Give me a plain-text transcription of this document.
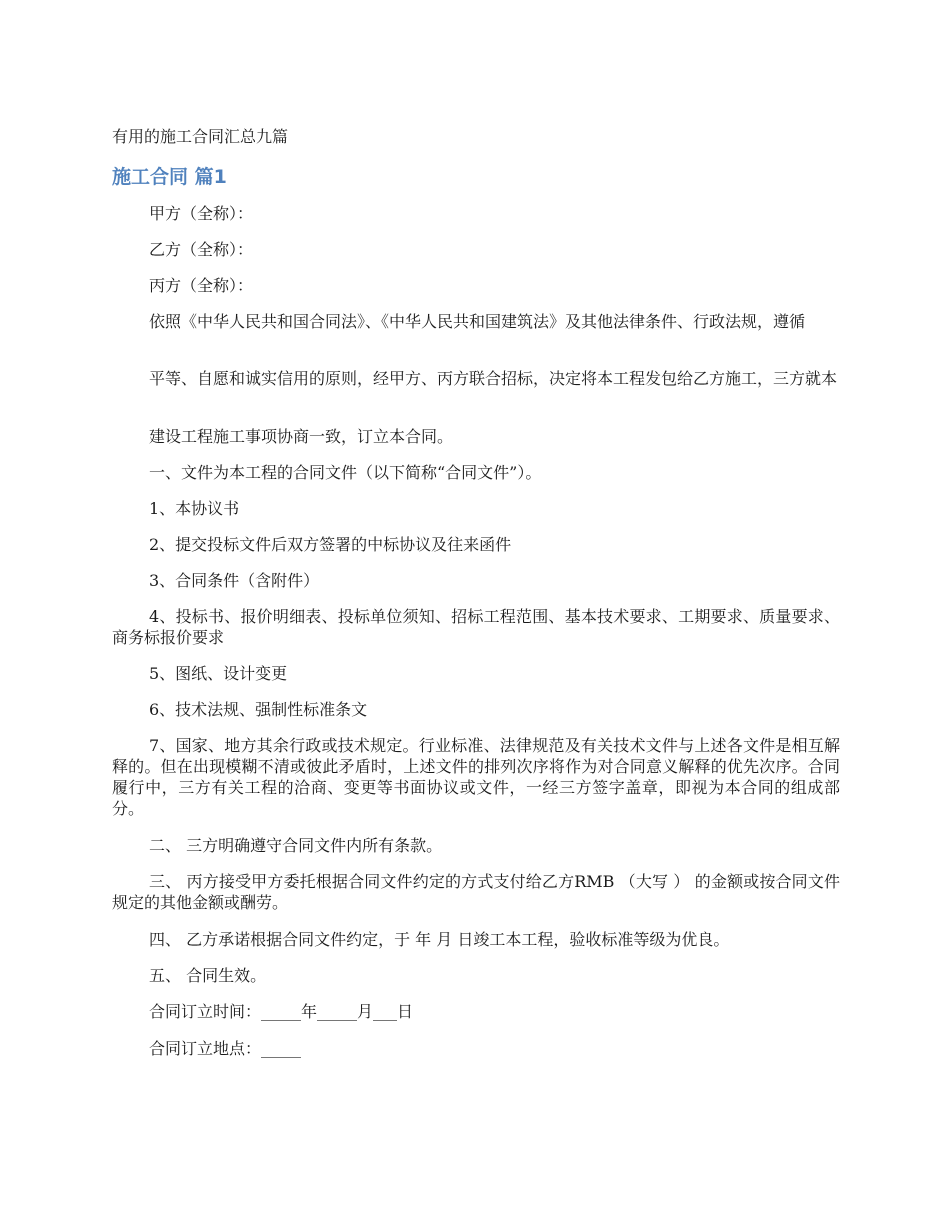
有用的施工合同汇总九篇
施工合同 篇1

甲方（全称）：

乙方（全称）：

丙方（全称）：

依照《中华人民共和国合同法》、《中华人民共和国建筑法》及其他法律条件、行政法规，遵循

平等、自愿和诚实信用的原则，经甲方、丙方联合招标，决定将本工程发包给乙方施工，三方就本

建设工程施工事项协商一致，订立本合同。

一、文件为本工程的合同文件（以下简称“合同文件”）。

1、本协议书

2、提交投标文件后双方签署的中标协议及往来函件

3、合同条件（含附件）

4、投标书、报价明细表、投标单位须知、招标工程范围、基本技术要求、工期要求、质量要求、商务标报价要求

5、图纸、设计变更

6、技术法规、强制性标准条文

7、国家、地方其余行政或技术规定。行业标准、法律规范及有关技术文件与上述各文件是相互解释的。但在出现模糊不清或彼此矛盾时，上述文件的排列次序将作为对合同意义解释的优先次序。合同履行中，三方有关工程的洽商、变更等书面协议或文件，一经三方签字盖章，即视为本合同的组成部分。

二、 三方明确遵守合同文件内所有条款。

三、 丙方接受甲方委托根据合同文件约定的方式支付给乙方RMB （大写 ） 的金额或按合同文件规定的其他金额或酬劳。

四、 乙方承诺根据合同文件约定，于 年 月 日竣工本工程，验收标准等级为优良。

五、 合同生效。

合同订立时间：_____年_____月___日

合同订立地点：_____
